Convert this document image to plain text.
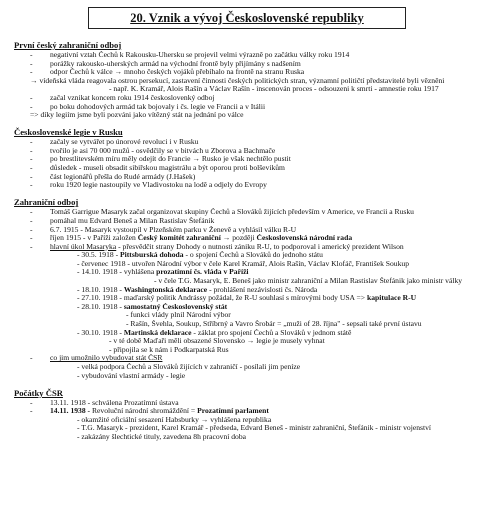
20. Vznik a vývoj Československé republiky
První český zahraniční odboj
- negativní vztah Čechů k Rakousku-Uhersku se projevil velmi výrazně po začátku války roku 1914
- porážky rakousko-uherských armád na východní frontě byly přijímány s nadšením
- odpor Čechů k válce → mnoho českých vojáků přebíhalo na frontě na stranu Ruska
→ vídeňská vláda reagovala ostrou persekucí, zastavení činnosti českých politických stran, významní političtí představitelé byli vězněni
- např. K. Kramář, Alois Rašín a Václav Rašín - inscenován proces - odsouzeni k smrti - amnestie roku 1917
- začal vznikat koncem roku 1914 českoslovenký odboj
- po boku dohodových armád tak bojovaly i čs. legie ve Francii a v Itálii
=> díky legiím jsme byli pozváni jako vítězný stát na jednání po válce
Československé legie v Rusku
- začaly se vytvářet po únorové revoluci i v Rusku
- tvořilo je asi 70 000 mužů - osvědčily se v bitvách u Zborova a Bachmače
- po brestlitevském míru měly odejít do Francie → Rusko je však nechtělo pustit
- důsledek - museli obsadit sibiřskou magistrálu a být oporou proti bolševikům
- část legionářů přešla do Rudé armády (J.Hašek)
- roku 1920 legie nastoupily ve Vladivostoku na lodě a odjely do Evropy
Zahraniční odboj
- Tomáš Garrigue Masaryk začal organizovat skupiny Čechů a Slováků žijících především v Americe, ve Francii a Rusku
- pomáhal mu Edvard Beneš a Milan Rastislav Štefánik
- 6.7. 1915 - Masaryk vystoupil v Plzeňském parku v Ženevě a vyhlásil válku R-U
- říjen 1915 - v Paříži založen Český komitét zahraniční → později Československá národní rada
- hlavní úkol Masaryka - přesvědčit strany Dohody o nutnosti zániku R-U, to podporoval i americký prezident Wilson
- 30.5. 1918 - Pittsburská dohoda - o spojení Čechů a Slováků do jednoho státu
- červenec 1918 - utvořen Národní výbor v čele Karel Kramář, Alois Rašín, Václav Klofáč, František Soukup
- 14.10. 1918 - vyhlášena prozatímní čs. vláda v Paříži
- v čele T.G. Masaryk, E. Beneš jako ministr zahraniční a Milan Rastislav Štefánik jako ministr války
- 18.10. 1918 - Washingtonská deklarace - prohlášení nezávislosti čs. Národa
- 27.10. 1918 - maďarský politik Andrássy požádal, že R-U souhlasí s mírovými body USA => kapitulace R-U
- 28.10. 1918 - samostatný Československý stát
- funkci vlády plnil Národní výbor
- Rašín, Švehla, Soukup, Stříbrný a Vavro Šrobár = „muži of 28. října" - sepsali také první ústavu
- 30.10. 1918 - Martinská deklarace - záklat pro spojení Čechů a Slováků v jednom státě
- v té době Maďaři měli obsazené Slovensko → legie je musely vyhnat
- připojila se k nám i Podkarpatská Rus
- co jim umožnilo vybudovat stát ČSR
- velká podpora Čechů a Slováků žijících v zahraničí - posílali jim peníze
- vybudování vlastní armády - legie
Počátky ČSR
- 13.11. 1918 - schválena Prozatímní ústava
- 14.11. 1938 - Revoluční národní shromáždění = Prozatímní parlament
- okamžité oficiální sesazení Habsburky → vyhlášena republika
- T.G. Masaryk - prezident, Karel Kramář - předseda, Edvard Beneš - ministr zahraniční, Štefánik - ministr vojenství
- zakázány šlechtické tituly, zavedena 8h pracovní doba
